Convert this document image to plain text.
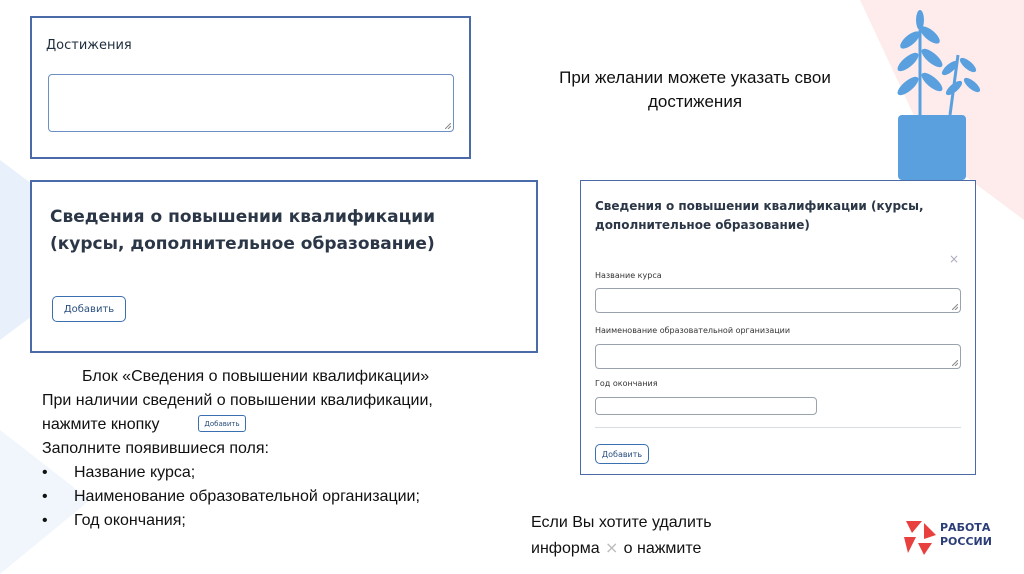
Достижения
При желании можете указать свои достижения
Сведения о повышении квалификации (курсы, дополнительное образование)
Добавить
Сведения о повышении квалификации (курсы, дополнительное образование)
×
Название курса
Наименование образовательной организации
Год окончания
Добавить
Блок «Сведения о повышении квалификации»
При наличии сведений о повышении квалификации,
нажмите кнопку	Добавить
Заполните появившиеся поля:
• Название курса;
• Наименование образовательной организации;
• Год окончания;	Если Вы хотите удалить
информа × о нажмите
РАБОТА
РОССИИ
